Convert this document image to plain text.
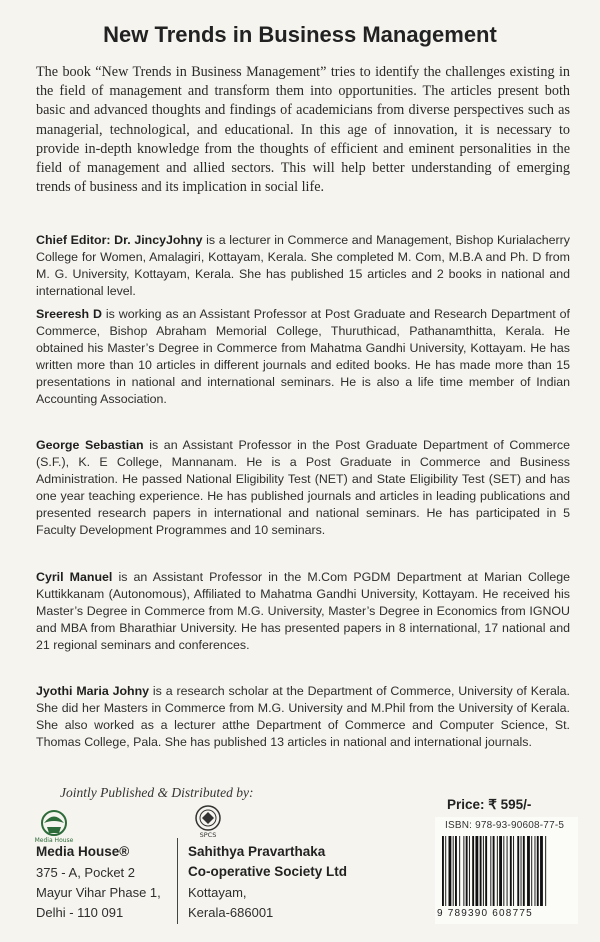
New Trends in Business Management
The book “New Trends in Business Management” tries to identify the challenges existing in the field of management and transform them into opportunities. The articles present both basic and advanced thoughts and findings of academicians from diverse perspectives such as managerial, technological, and educational. In this age of innovation, it is necessary to provide in-depth knowledge from the thoughts of efficient and eminent personalities in the field of management and allied sectors. This will help better understanding of emerging trends of business and its implication in social life.
Chief Editor: Dr. JincyJohny is a lecturer in Commerce and Management, Bishop Kurialacherry College for Women, Amalagiri, Kottayam, Kerala. She completed M. Com, M.B.A and Ph. D from M. G. University, Kottayam, Kerala. She has published 15 articles and 2 books in national and international level.
Sreeresh D is working as an Assistant Professor at Post Graduate and Research Department of Commerce, Bishop Abraham Memorial College, Thuruthicad, Pathanamthitta, Kerala. He obtained his Master’s Degree in Commerce from Mahatma Gandhi University, Kottayam. He has written more than 10 articles in different journals and edited books. He has made more than 15 presentations in national and international seminars. He is also a life time member of Indian Accounting Association.
George Sebastian is an Assistant Professor in the Post Graduate Department of Commerce (S.F.), K. E College, Mannanam. He is a Post Graduate in Commerce and Business Administration. He passed National Eligibility Test (NET) and State Eligibility Test (SET) and has one year teaching experience. He has published journals and articles in leading publications and presented research papers in international and national seminars. He has participated in 5 Faculty Development Programmes and 10 seminars.
Cyril Manuel is an Assistant Professor in the M.Com PGDM Department at Marian College Kuttikkanam (Autonomous), Affiliated to Mahatma Gandhi University, Kottayam. He received his Master’s Degree in Commerce from M.G. University, Master’s Degree in Economics from IGNOU and MBA from Bharathiar University. He has presented papers in 8 international, 17 national and 21 regional seminars and conferences.
Jyothi Maria Johny is a research scholar at the Department of Commerce, University of Kerala. She did her Masters in Commerce from M.G. University and M.Phil from the University of Kerala. She also worked as a lecturer atthe Department of Commerce and Computer Science, St. Thomas College, Pala. She has published 13 articles in national and international journals.
Jointly Published & Distributed by:
Media House
SPCS
Media House®
375 - A, Pocket 2
Mayur Vihar Phase 1,
Delhi - 110 091
Sahithya Pravarthaka
Co-operative Society Ltd
Kottayam,
Kerala-686001
Price: ₹ 595/-
ISBN: 978-93-90608-77-5
9 789390 608775
